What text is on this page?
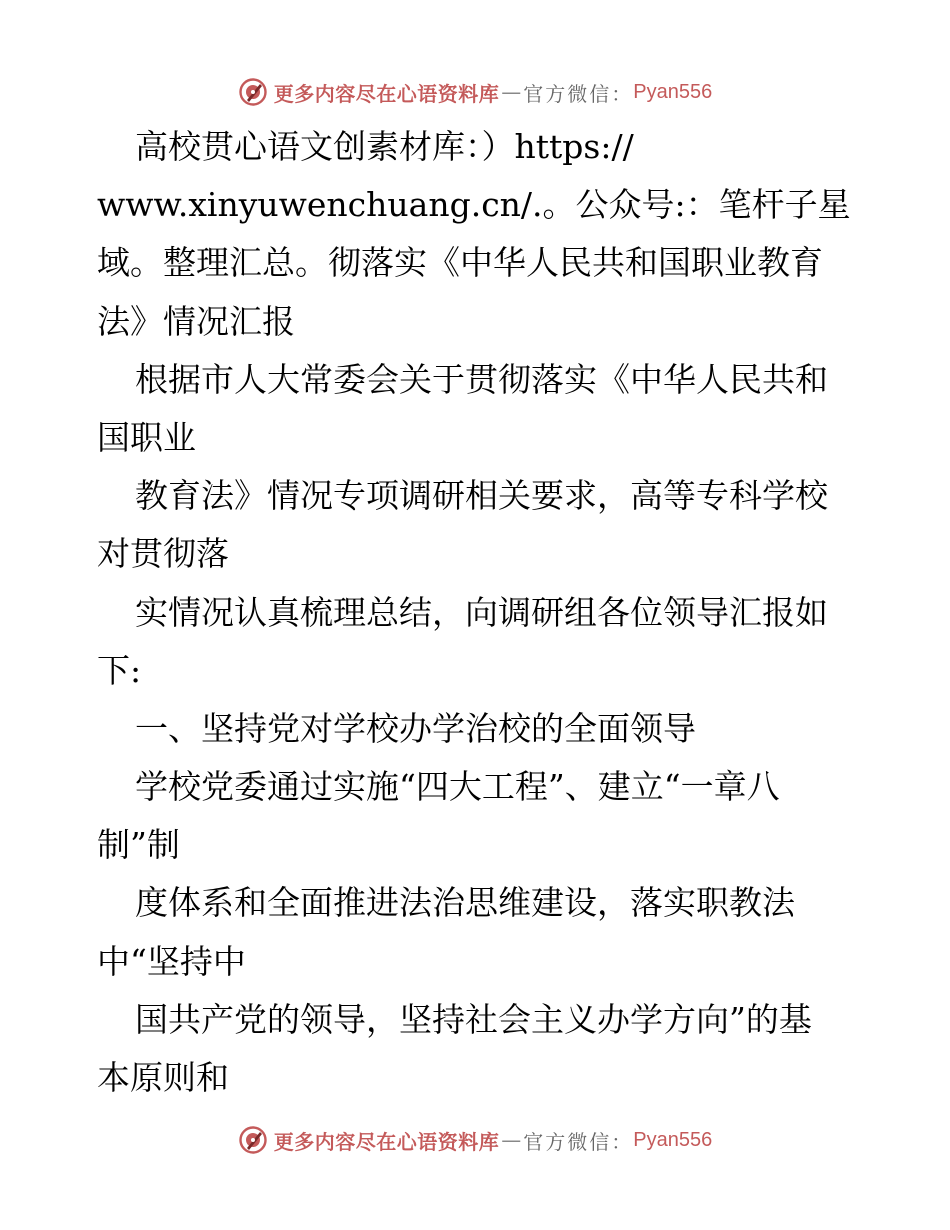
更多内容尽在心语资料库 — 官方微信： Pyan556
高校贯心语文创素材库：）https://
www.xinyuwenchuang.cn/.。公众号:：笔杆子星
域。整理汇总。彻落实《中华人民共和国职业教育
法》情况汇报
根据市人大常委会关于贯彻落实《中华人民共和
国职业
教育法》情况专项调研相关要求，高等专科学校
对贯彻落
实情况认真梳理总结，向调研组各位领导汇报如
下:
一、坚持党对学校办学治校的全面领导
学校党委通过实施“四大工程”、建立“一章八
制”制
度体系和全面推进法治思维建设，落实职教法
中“坚持中
国共产党的领导，坚持社会主义办学方向”的基
本原则和
更多内容尽在心语资料库 — 官方微信： Pyan556
